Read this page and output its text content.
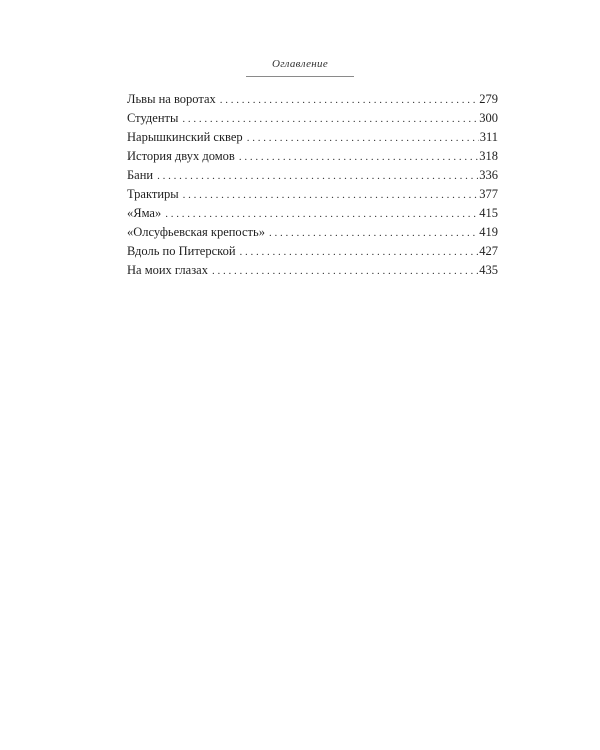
Оглавление
Львы на воротах . . .	279
Студенты . . .	300
Нарышкинский сквер . . .	311
История двух домов . . .	318
Бани . . .	336
Трактиры . . .	377
«Яма» . . .	415
«Олсуфьевская крепость» . . .	419
Вдоль по Питерской . . .	427
На моих глазах . . .	435
